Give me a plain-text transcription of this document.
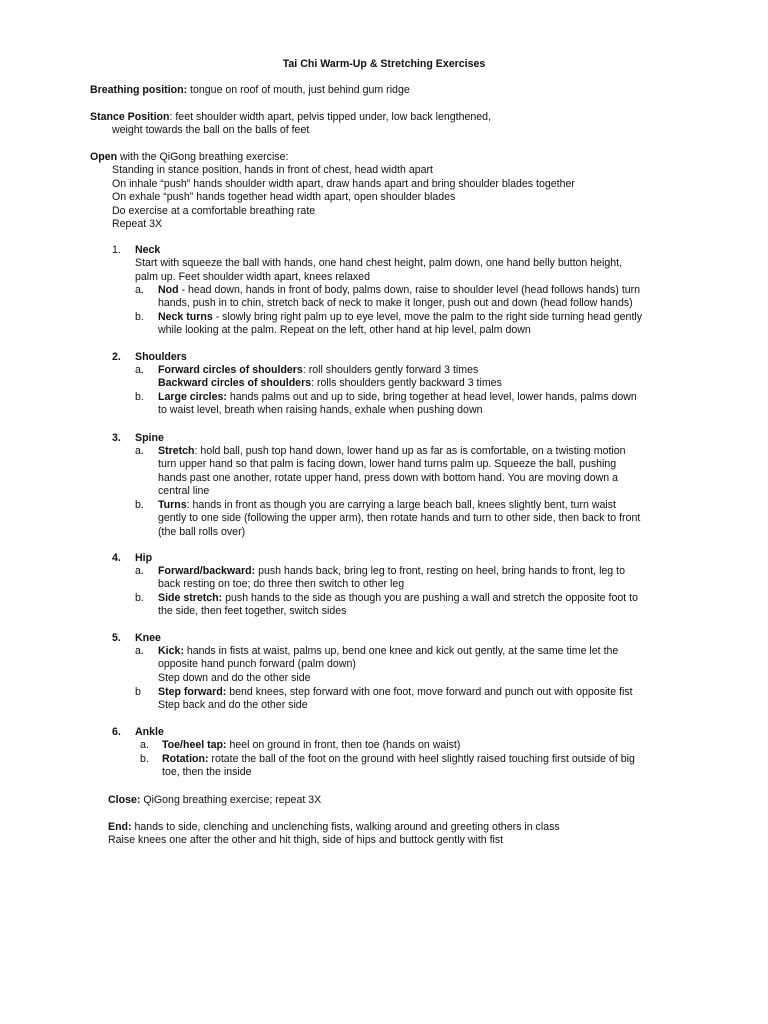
Tai Chi Warm-Up & Stretching Exercises
Breathing position: tongue on roof of mouth, just behind gum ridge
Stance Position: feet shoulder width apart, pelvis tipped under, low back lengthened,
weight towards the ball on the balls of feet
Open with the QiGong breathing exercise:
Standing in stance position, hands in front of chest, head width apart
On inhale “push” hands shoulder width apart, draw hands apart and bring shoulder blades together
On exhale “push” hands together head width apart, open shoulder blades
Do exercise at a comfortable breathing rate
Repeat 3X
1. Neck
Start with squeeze the ball with hands, one hand chest height, palm down, one hand belly button height,
palm up. Feet shoulder width apart, knees relaxed
a. Nod - head down, hands in front of body, palms down, raise to shoulder level (head follows hands) turn
hands, push in to chin, stretch back of neck to make it longer, push out and down (head follow hands)
b. Neck turns - slowly bring right palm up to eye level, move the palm to the right side turning head gently
while looking at the palm. Repeat on the left, other hand at hip level, palm down
2. Shoulders
a. Forward circles of shoulders: roll shoulders gently forward 3 times
Backward circles of shoulders: rolls shoulders gently backward 3 times
b. Large circles: hands palms out and up to side, bring together at head level, lower hands, palms down
to waist level, breath when raising hands, exhale when pushing down
3. Spine
a. Stretch: hold ball, push top hand down, lower hand up as far as is comfortable, on a twisting motion
turn upper hand so that palm is facing down, lower hand turns palm up. Squeeze the ball, pushing
hands past one another, rotate upper hand, press down with bottom hand. You are moving down a
central line
b. Turns: hands in front as though you are carrying a large beach ball, knees slightly bent, turn waist
gently to one side (following the upper arm), then rotate hands and turn to other side, then back to front
(the ball rolls over)
4. Hip
a. Forward/backward: push hands back, bring leg to front, resting on heel, bring hands to front, leg to
back resting on toe; do three then switch to other leg
b. Side stretch: push hands to the side as though you are pushing a wall and stretch the opposite foot to
the side, then feet together, switch sides
5. Knee
a. Kick: hands in fists at waist, palms up, bend one knee and kick out gently, at the same time let the
opposite hand punch forward (palm down)
Step down and do the other side
b Step forward: bend knees, step forward with one foot, move forward and punch out with opposite fist
Step back and do the other side
6. Ankle
a. Toe/heel tap: heel on ground in front, then toe (hands on waist)
b. Rotation: rotate the ball of the foot on the ground with heel slightly raised touching first outside of big
toe, then the inside
Close: QiGong breathing exercise; repeat 3X
End: hands to side, clenching and unclenching fists, walking around and greeting others in class
Raise knees one after the other and hit thigh, side of hips and buttock gently with fist
